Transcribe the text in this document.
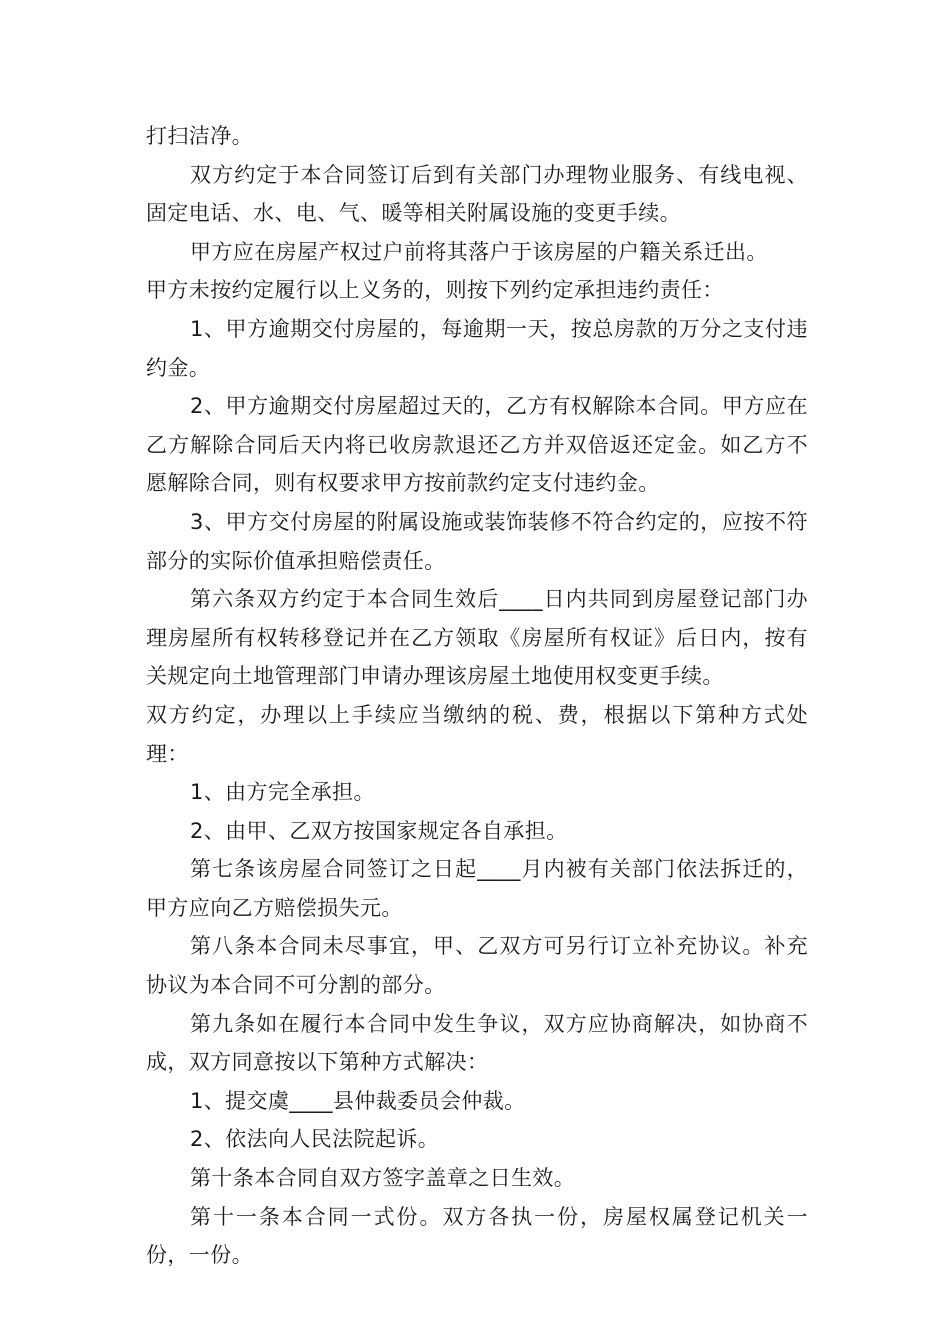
打扫洁净。

双方约定于本合同签订后到有关部门办理物业服务、有线电视、固定电话、水、电、气、暖等相关附属设施的变更手续。

甲方应在房屋产权过户前将其落户于该房屋的户籍关系迁出。

甲方未按约定履行以上义务的，则按下列约定承担违约责任：

1、甲方逾期交付房屋的，每逾期一天，按总房款的万分之支付违约金。

2、甲方逾期交付房屋超过天的，乙方有权解除本合同。甲方应在乙方解除合同后天内将已收房款退还乙方并双倍返还定金。如乙方不愿解除合同，则有权要求甲方按前款约定支付违约金。

3、甲方交付房屋的附属设施或装饰装修不符合约定的，应按不符部分的实际价值承担赔偿责任。

第六条双方约定于本合同生效后____日内共同到房屋登记部门办理房屋所有权转移登记并在乙方领取《房屋所有权证》后日内，按有关规定向土地管理部门申请办理该房屋土地使用权变更手续。

双方约定，办理以上手续应当缴纳的税、费，根据以下第种方式处理：

1、由方完全承担。

2、由甲、乙双方按国家规定各自承担。

第七条该房屋合同签订之日起____月内被有关部门依法拆迁的，甲方应向乙方赔偿损失元。

第八条本合同未尽事宜，甲、乙双方可另行订立补充协议。补充协议为本合同不可分割的部分。

第九条如在履行本合同中发生争议，双方应协商解决，如协商不成，双方同意按以下第种方式解决：

1、提交虞____县仲裁委员会仲裁。

2、依法向人民法院起诉。

第十条本合同自双方签字盖章之日生效。

第十一条本合同一式份。双方各执一份，房屋权属登记机关一份，一份。
